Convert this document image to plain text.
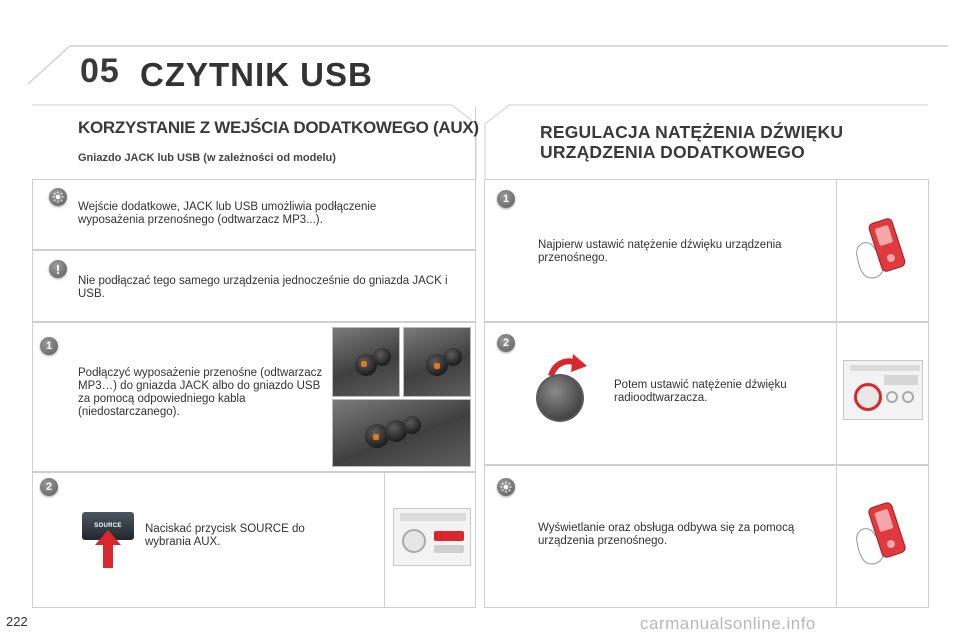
05 CZYTNIK USB
KORZYSTANIE Z WEJŚCIA DODATKOWEGO (AUX)
Gniazdo JACK lub USB (w zależności od modelu)
Wejście dodatkowe, JACK lub USB umożliwia podłączenie wyposażenia przenośnego (odtwarzacz MP3...).
!
Nie podłączać tego samego urządzenia jednocześnie do gniazda JACK i USB.
1
Podłączyć wyposażenie przenośne (odtwarzacz MP3…) do gniazda JACK albo do gniazdo USB za pomocą odpowiedniego kabla (niedostarczanego).
2
SOURCE	Naciskać przycisk SOURCE do wybrania AUX.
REGULACJA NATĘŻENIA DŹWIĘKU URZĄDZENIA DODATKOWEGO
1
Najpierw ustawić natężenie dźwięku urządzenia przenośnego.
2
Potem ustawić natężenie dźwięku radioodtwarzacza.
Wyświetlanie oraz obsługa odbywa się za pomocą urządzenia przenośnego.
222	carmanualsonline.info
